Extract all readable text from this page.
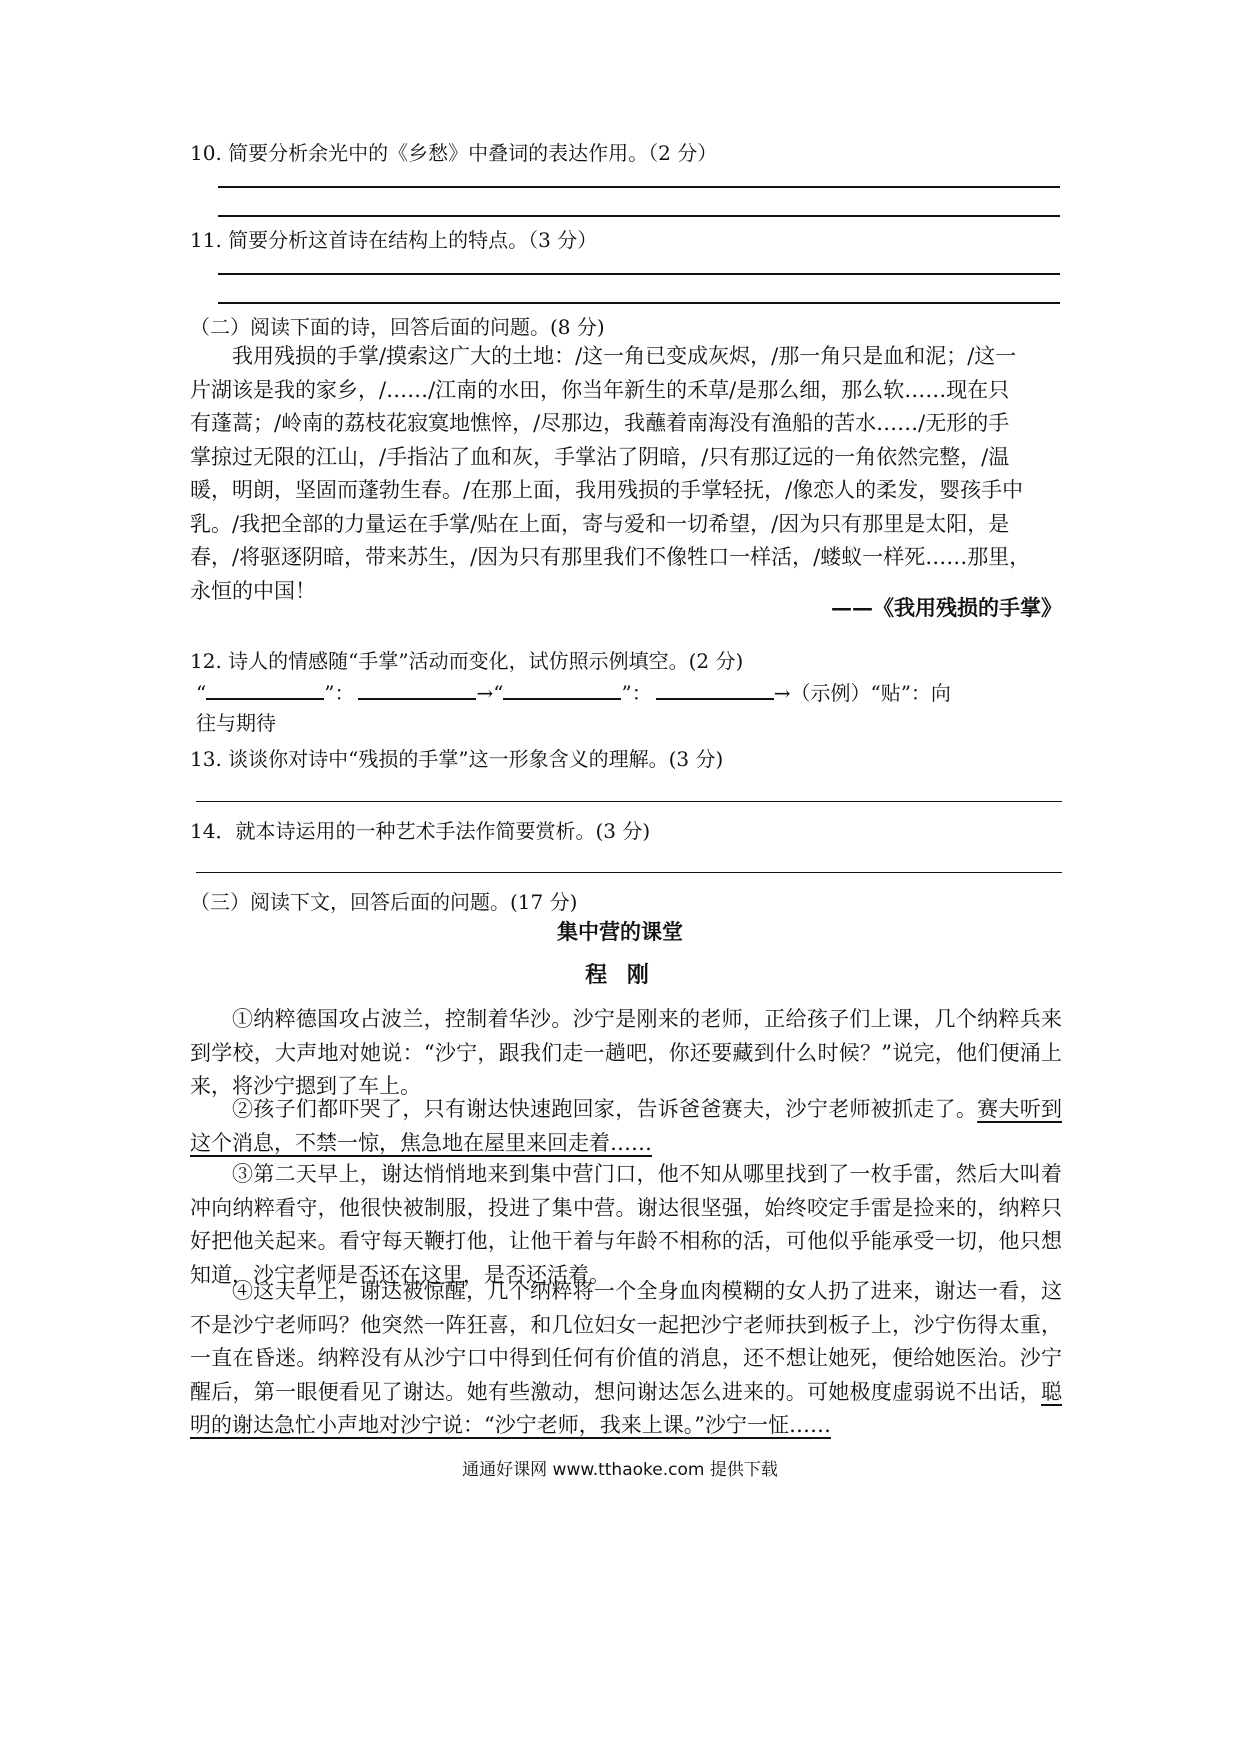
10. 简要分析余光中的《乡愁》中叠词的表达作用。（2 分）
11. 简要分析这首诗在结构上的特点。（3 分）
（二）阅读下面的诗，回答后面的问题。(8 分)
我用残损的手掌/摸索这广大的土地：/这一角已变成灰烬，/那一角只是血和泥；/这一
片湖该是我的家乡，/……/江南的水田，你当年新生的禾草/是那么细，那么软……现在只
有蓬蒿；/岭南的荔枝花寂寞地憔悴，/尽那边，我蘸着南海没有渔船的苦水……/无形的手
掌掠过无限的江山，/手指沾了血和灰，手掌沾了阴暗，/只有那辽远的一角依然完整，/温
暖，明朗，坚固而蓬勃生春。/在那上面，我用残损的手掌轻抚，/像恋人的柔发，婴孩手中
乳。/我把全部的力量运在手掌/贴在上面，寄与爱和一切希望，/因为只有那里是太阳，是
春，/将驱逐阴暗，带来苏生，/因为只有那里我们不像牲口一样活，/蝼蚁一样死……那里，
永恒的中国！
——《我用残损的手掌》
12. 诗人的情感随“手掌”活动而变化，试仿照示例填空。(2 分)
“	”：	→“	”：	→（示例）“贴”：向
往与期待
13. 谈谈你对诗中“残损的手掌”这一形象含义的理解。(3 分)
14．就本诗运用的一种艺术手法作简要赏析。(3 分)
（三）阅读下文，回答后面的问题。(17 分)
集中营的课堂
程 刚
①纳粹德国攻占波兰，控制着华沙。沙宁是刚来的老师，正给孩子们上课，几个纳粹兵来到学校，大声地对她说：“沙宁，跟我们走一趟吧，你还要藏到什么时候？”说完，他们便涌上来，将沙宁摁到了车上。
②孩子们都吓哭了，只有谢达快速跑回家，告诉爸爸赛夫，沙宁老师被抓走了。赛夫听到这个消息，不禁一惊，焦急地在屋里来回走着……
③第二天早上，谢达悄悄地来到集中营门口，他不知从哪里找到了一枚手雷，然后大叫着冲向纳粹看守，他很快被制服，投进了集中营。谢达很坚强，始终咬定手雷是捡来的，纳粹只好把他关起来。看守每天鞭打他，让他干着与年龄不相称的活，可他似乎能承受一切，他只想知道，沙宁老师是否还在这里，是否还活着。
④这天早上，谢达被惊醒，几个纳粹将一个全身血肉模糊的女人扔了进来，谢达一看，这不是沙宁老师吗？他突然一阵狂喜，和几位妇女一起把沙宁老师扶到板子上，沙宁伤得太重，一直在昏迷。纳粹没有从沙宁口中得到任何有价值的消息，还不想让她死，便给她医治。沙宁醒后，第一眼便看见了谢达。她有些激动，想问谢达怎么进来的。可她极度虚弱说不出话，聪明的谢达急忙小声地对沙宁说：“沙宁老师，我来上课。”沙宁一怔……
通通好课网 www.tthaoke.com 提供下载
